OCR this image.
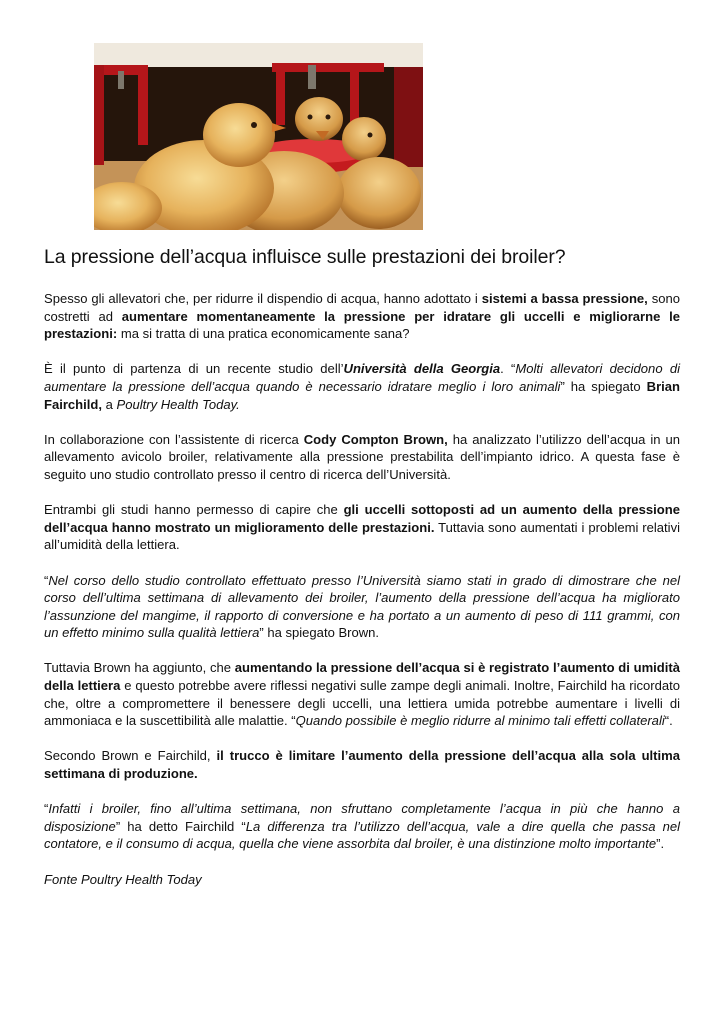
La pressione dell’acqua influisce sulle prestazioni dei broiler?

Spesso gli allevatori che, per ridurre il dispendio di acqua, hanno adottato i sistemi a bassa pressione, sono costretti ad aumentare momentaneamente la pressione per idratare gli uccelli e migliorarne le prestazioni: ma si tratta di una pratica economicamente sana?

È il punto di partenza di un recente studio dell’Università della Georgia. “Molti allevatori decidono di aumentare la pressione dell’acqua quando è necessario idratare meglio i loro animali” ha spiegato Brian Fairchild, a Poultry Health Today.

In collaborazione con l’assistente di ricerca Cody Compton Brown, ha analizzato l’utilizzo dell’acqua in un allevamento avicolo broiler, relativamente alla pressione prestabilita dell’impianto idrico. A questa fase è seguito uno studio controllato presso il centro di ricerca dell’Università.

Entrambi gli studi hanno permesso di capire che gli uccelli sottoposti ad un aumento della pressione dell’acqua hanno mostrato un miglioramento delle prestazioni. Tuttavia sono aumentati i problemi relativi all’umidità della lettiera.

“Nel corso dello studio controllato effettuato presso l’Università siamo stati in grado di dimostrare che nel corso dell’ultima settimana di allevamento dei broiler, l’aumento della pressione dell’acqua ha migliorato l’assunzione del mangime, il rapporto di conversione e ha portato a un aumento di peso di 111 grammi, con un effetto minimo sulla qualità lettiera” ha spiegato Brown.

Tuttavia Brown ha aggiunto, che aumentando la pressione dell’acqua si è registrato l’aumento di umidità della lettiera e questo potrebbe avere riflessi negativi sulle zampe degli animali. Inoltre, Fairchild ha ricordato che, oltre a compromettere il benessere degli uccelli, una lettiera umida potrebbe aumentare i livelli di ammoniaca e la suscettibilità alle malattie. “Quando possibile è meglio ridurre al minimo tali effetti collaterali“.

Secondo Brown e Fairchild, il trucco è limitare l’aumento della pressione dell’acqua alla sola ultima settimana di produzione.

“Infatti i broiler, fino all’ultima settimana, non sfruttano completamente l’acqua in più che hanno a disposizione” ha detto Fairchild “La differenza tra l’utilizzo dell’acqua, vale a dire quella che passa nel contatore, e il consumo di acqua, quella che viene assorbita dal broiler, è una distinzione molto importante”.

Fonte Poultry Health Today
